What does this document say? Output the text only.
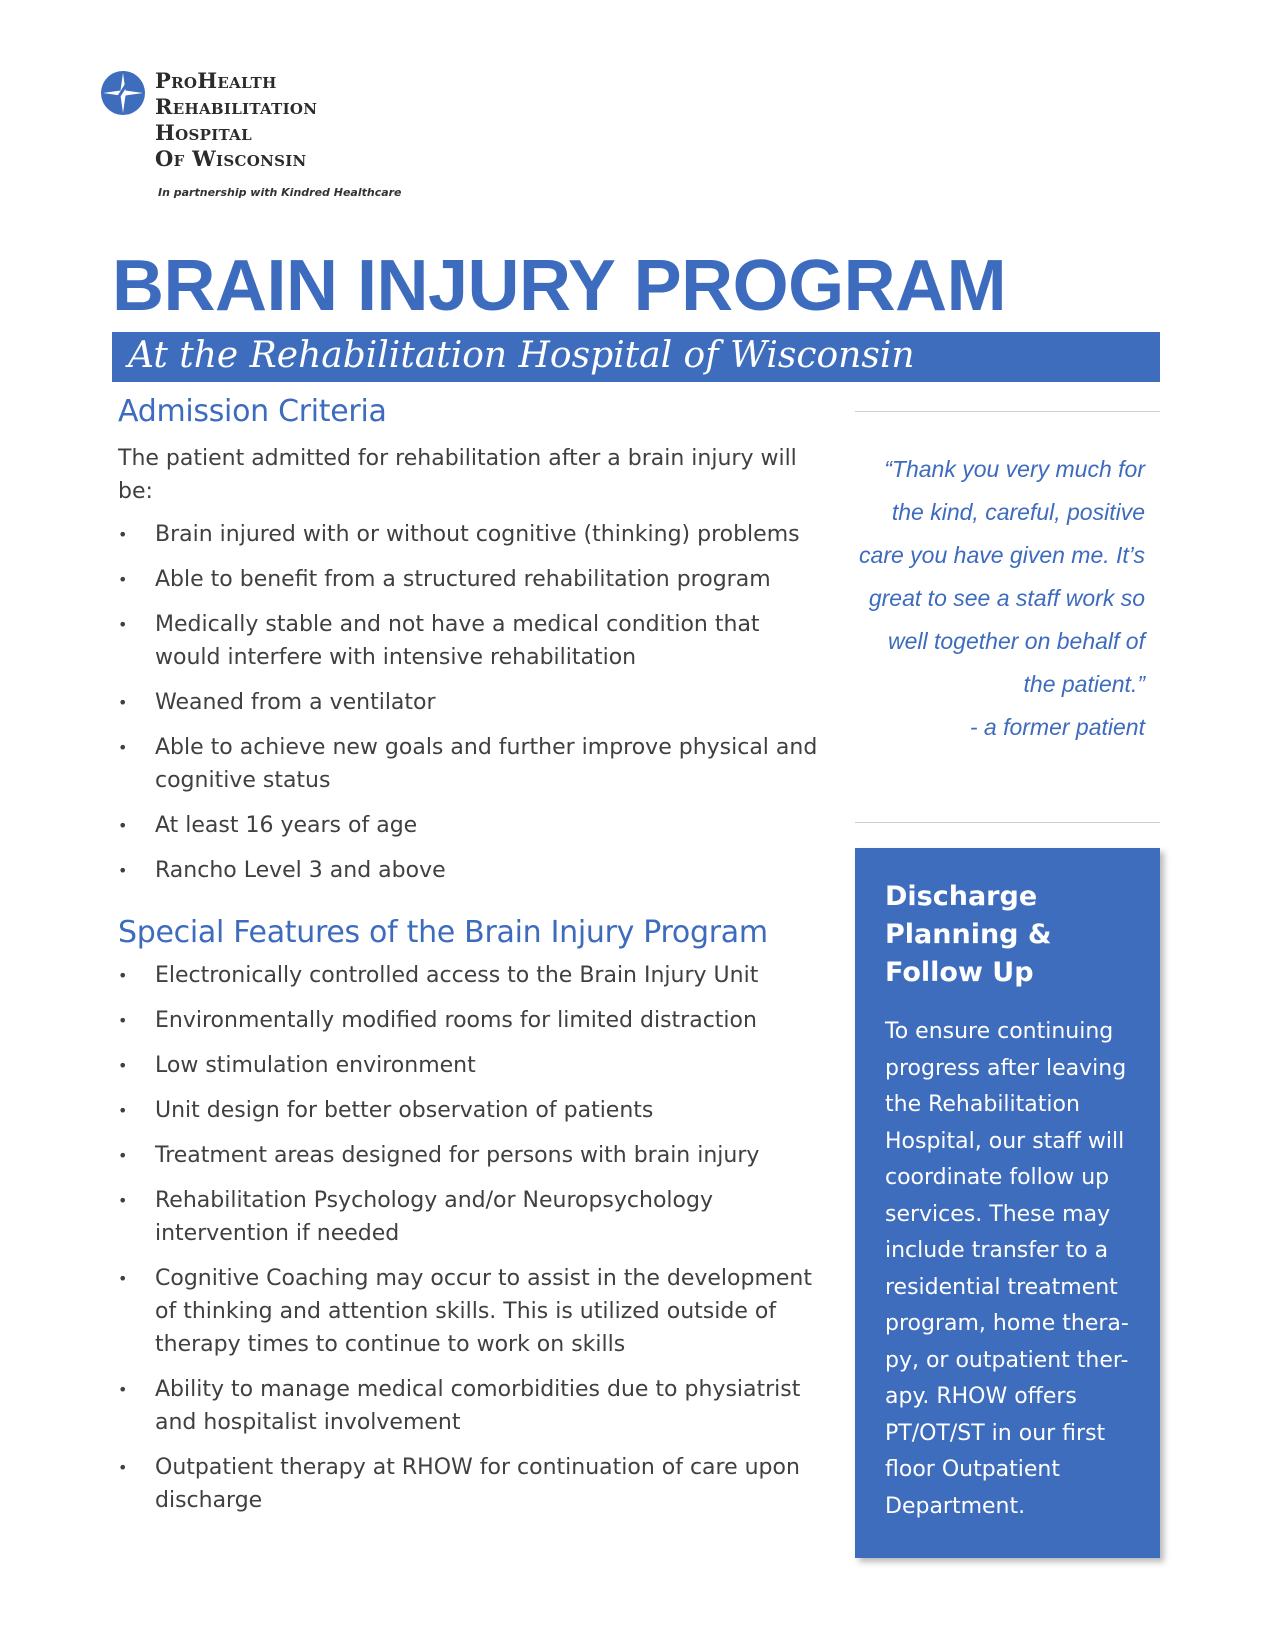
ProHealth
Rehabilitation
Hospital
Of Wisconsin
In partnership with Kindred Healthcare
BRAIN INJURY PROGRAM
At the Rehabilitation Hospital of Wisconsin
Admission Criteria

The patient admitted for rehabilitation after a brain injury will be:

• Brain injured with or without cognitive (thinking) problems
• Able to benefit from a structured rehabilitation program
• Medically stable and not have a medical condition that would interfere with intensive rehabilitation
• Weaned from a ventilator
• Able to achieve new goals and further improve physical and cognitive status
• At least 16 years of age
• Rancho Level 3 and above
Special Features of the Brain Injury Program
• Electronically controlled access to the Brain Injury Unit
• Environmentally modified rooms for limited distraction
• Low stimulation environment
• Unit design for better observation of patients
• Treatment areas designed for persons with brain injury
• Rehabilitation Psychology and/or Neuropsychology intervention if needed
• Cognitive Coaching may occur to assist in the development of thinking and attention skills. This is utilized outside of therapy times to continue to work on skills
• Ability to manage medical comorbidities due to physiatrist and hospitalist involvement
• Outpatient therapy at RHOW for continuation of care upon discharge

“Thank you very much for the kind, careful, positive care you have given me. It’s great to see a staff work so well together on behalf of the patient.”

- a former patient

Discharge Planning & Follow Up

To ensure continuing progress after leaving the Rehabilitation Hospital, our staff will coordinate follow up services. These may include transfer to a residential treatment program, home thera-py, or outpatient ther-apy. RHOW offers PT/OT/ST in our first floor Outpatient Department.
